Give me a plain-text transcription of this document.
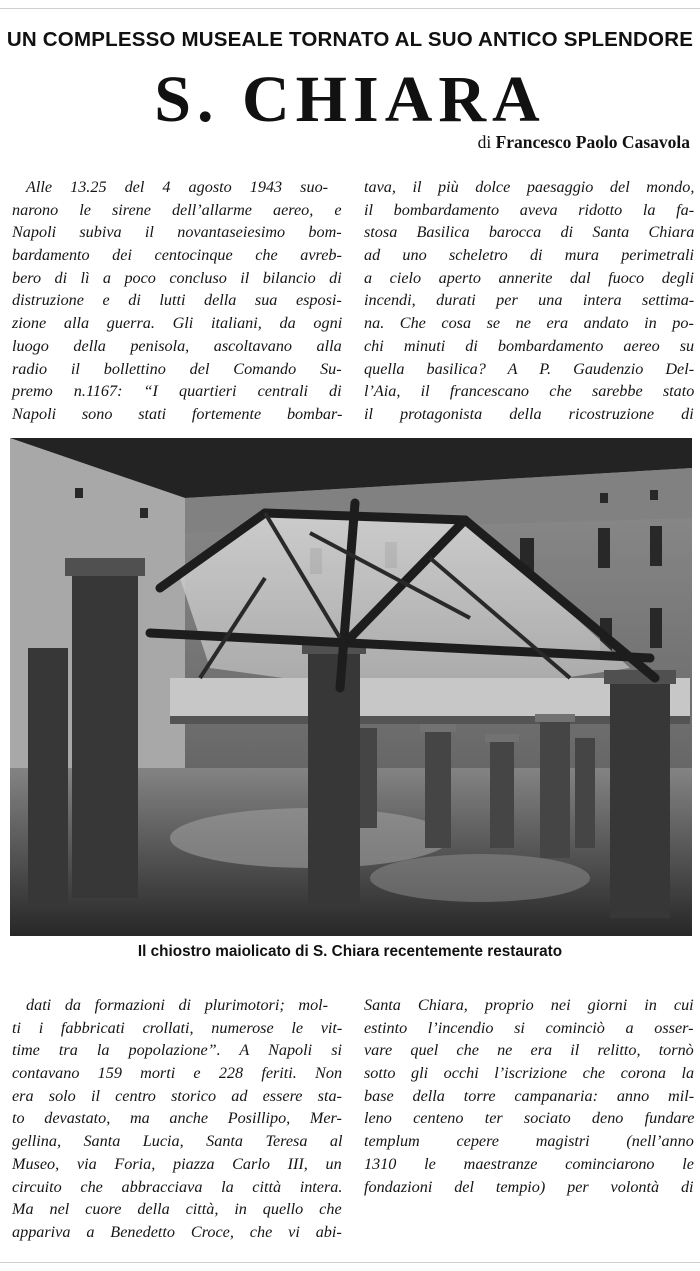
UN COMPLESSO MUSEALE TORNATO AL SUO ANTICO SPLENDORE
S. CHIARA
di Francesco Paolo Casavola
Alle 13.25 del 4 agosto 1943 suo-
narono le sirene dell’allarme aereo, e
Napoli subiva il novantaseiesimo bom-
bardamento dei centocinque che avreb-
bero di lì a poco concluso il bilancio di
distruzione e di lutti della sua esposi-
zione alla guerra. Gli italiani, da ogni
luogo della penisola, ascoltavano alla
radio il bollettino del Comando Su-
premo n.1167: “I quartieri centrali di
Napoli sono stati fortemente bombar-
tava, il più dolce paesaggio del mondo,
il bombardamento aveva ridotto la fa-
stosa Basilica barocca di Santa Chiara
ad uno scheletro di mura perimetrali
a cielo aperto annerite dal fuoco degli
incendi, durati per una intera settima-
na. Che cosa se ne era andato in po-
chi minuti di bombardamento aereo su
quella basilica? A P. Gaudenzio Del-
l’Aia, il francescano che sarebbe stato
il protagonista della ricostruzione di
Il chiostro maiolicato di S. Chiara recentemente restaurato
dati da formazioni di plurimotori; mol-
ti i fabbricati crollati, numerose le vit-
time tra la popolazione”. A Napoli si
contavano 159 morti e 228 feriti. Non
era solo il centro storico ad essere sta-
to devastato, ma anche Posillipo, Mer-
gellina, Santa Lucia, Santa Teresa al
Museo, via Foria, piazza Carlo III, un
circuito che abbracciava la città intera.
Ma nel cuore della città, in quello che
appariva a Benedetto Croce, che vi abi-
Santa Chiara, proprio nei giorni in cui
estinto l’incendio si cominciò a osser-
vare quel che ne era il relitto, tornò
sotto gli occhi l’iscrizione che corona la
base della torre campanaria: anno mil-
leno centeno ter sociato deno fundare
templum cepere magistri (nell’anno
1310 le maestranze cominciarono le
fondazioni del tempio) per volontà di
